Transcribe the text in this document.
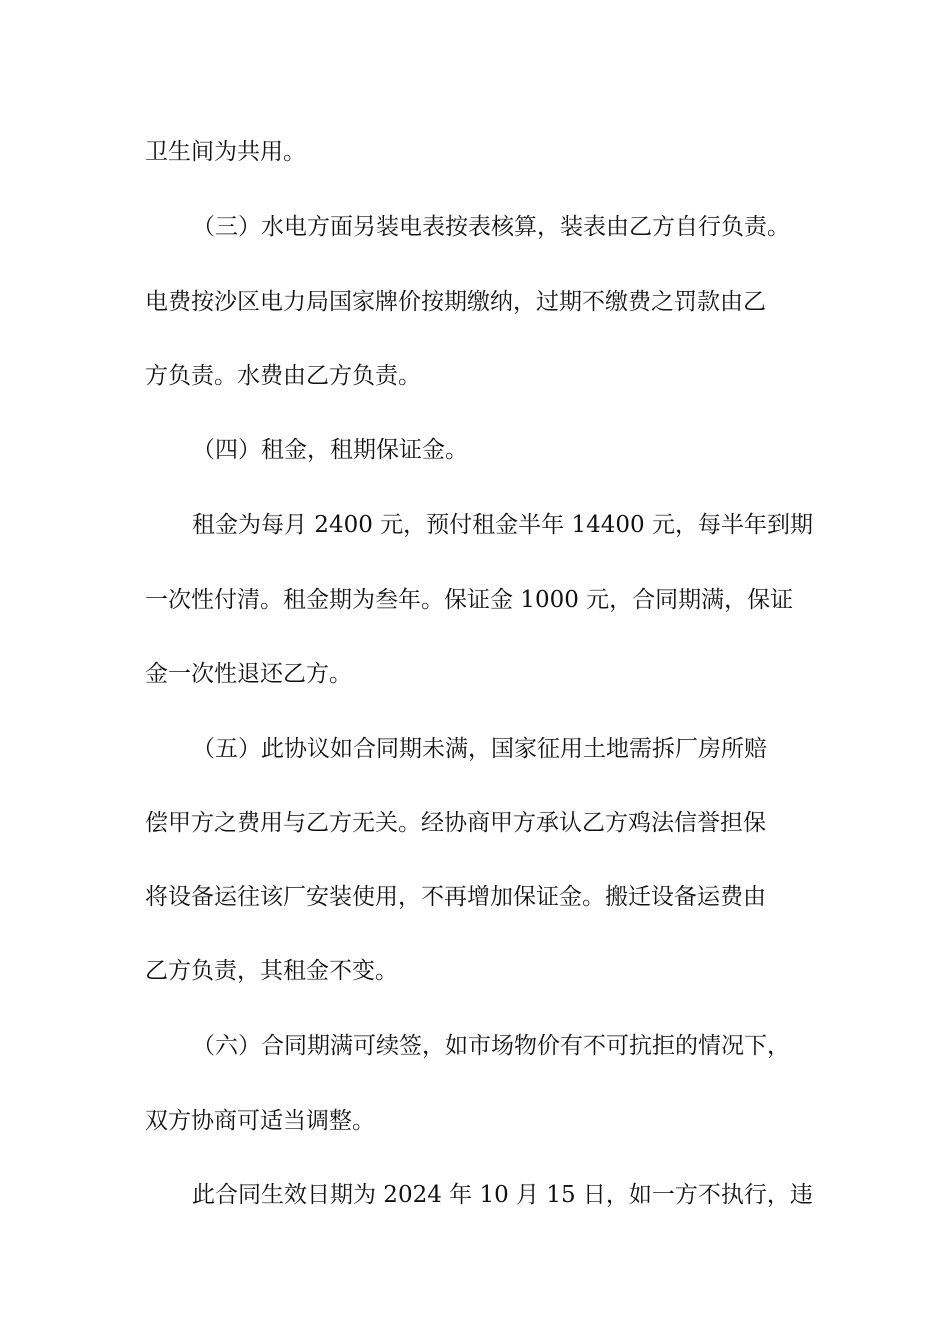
卫生间为共用。
（三）水电方面另装电表按表核算，装表由乙方自行负责。
电费按沙区电力局国家牌价按期缴纳，过期不缴费之罚款由乙
方负责。水费由乙方负责。
（四）租金，租期保证金。
租金为每月 2400 元，预付租金半年 14400 元，每半年到期
一次性付清。租金期为叁年。保证金 1000 元，合同期满，保证
金一次性退还乙方。
（五）此协议如合同期未满，国家征用土地需拆厂房所赔
偿甲方之费用与乙方无关。经协商甲方承认乙方鸡法信誉担保
将设备运往该厂安装使用，不再增加保证金。搬迁设备运费由
乙方负责，其租金不变。
（六）合同期满可续签，如市场物价有不可抗拒的情况下，
双方协商可适当调整。
此合同生效日期为 2024 年 10 月 15 日，如一方不执行，违
